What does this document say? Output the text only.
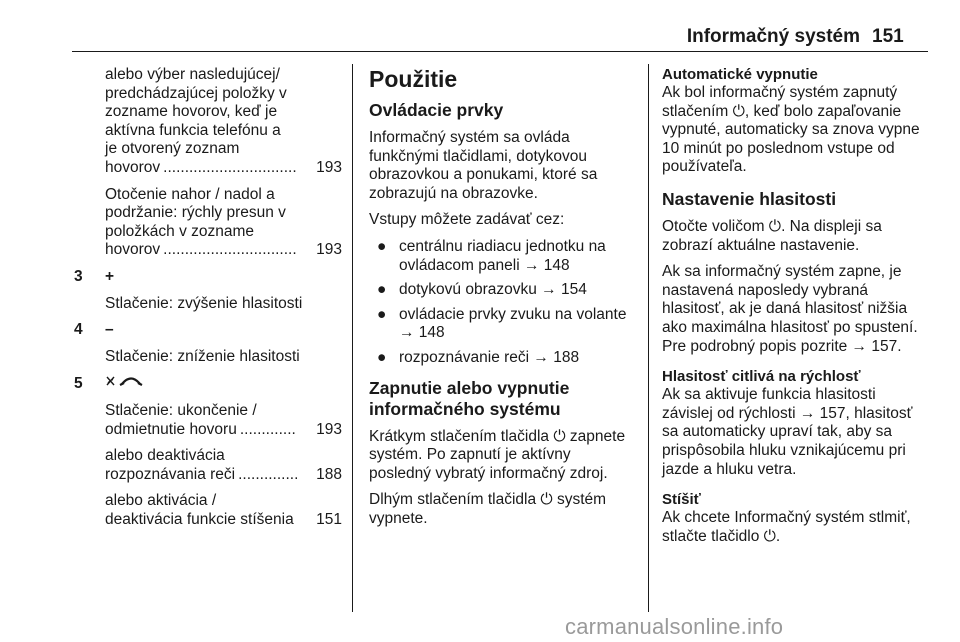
Informačný systém 151
alebo výber nasledujúcej/
predchádzajúcej položky v
zozname hovorov, keď je
aktívna funkcia telefónu a
je otvorený zoznam
hovorov ...............................	193
Otočenie nahor / nadol a
podržanie: rýchly presun v
položkách v zozname
hovorov ...............................	193
3	+
Stlačenie: zvýšenie hlasitosti
4	–
Stlačenie: zníženie hlasitosti
5
Stlačenie: ukončenie /
odmietnutie hovoru .............	193
alebo deaktivácia
rozpoznávania reči ..............	188
alebo aktivácia /
deaktivácia funkcie stíšenia 151
Použitie
Ovládacie prvky
Informačný systém sa ovláda
funkčnými tlačidlami, dotykovou
obrazovkou a ponukami, ktoré sa
zobrazujú na obrazovke.
Vstupy môžete zadávať cez:
● centrálnu riadiacu jednotku na
ovládacom paneli → 148
● dotykovú obrazovku → 154
● ovládacie prvky zvuku na volante
→ 148
● rozpoznávanie reči → 188
Zapnutie alebo vypnutie
informačného systému
Krátkym stlačením tlačidla ⏻ zapnete
systém. Po zapnutí je aktívny
posledný vybratý informačný zdroj.
Dlhým stlačením tlačidla ⏻ systém
vypnete.
Automatické vypnutie
Ak bol informačný systém zapnutý
stlačením ⏻, keď bolo zapaľovanie
vypnuté, automaticky sa znova vypne
10 minút po poslednom vstupe od
používateľa.
Nastavenie hlasitosti
Otočte voličom ⏻. Na displeji sa
zobrazí aktuálne nastavenie.
Ak sa informačný systém zapne, je
nastavená naposledy vybraná
hlasitosť, ak je daná hlasitosť nižšia
ako maximálna hlasitosť po spustení.
Pre podrobný popis pozrite → 157.
Hlasitosť citlivá na rýchlosť
Ak sa aktivuje funkcia hlasitosti
závislej od rýchlosti → 157, hlasitosť
sa automaticky upraví tak, aby sa
prispôsobila hluku vznikajúcemu pri
jazde a hluku vetra.
Stíšiť
Ak chcete Informačný systém stlmiť,
stlačte tlačidlo ⏻.
carmanualsonline.info
